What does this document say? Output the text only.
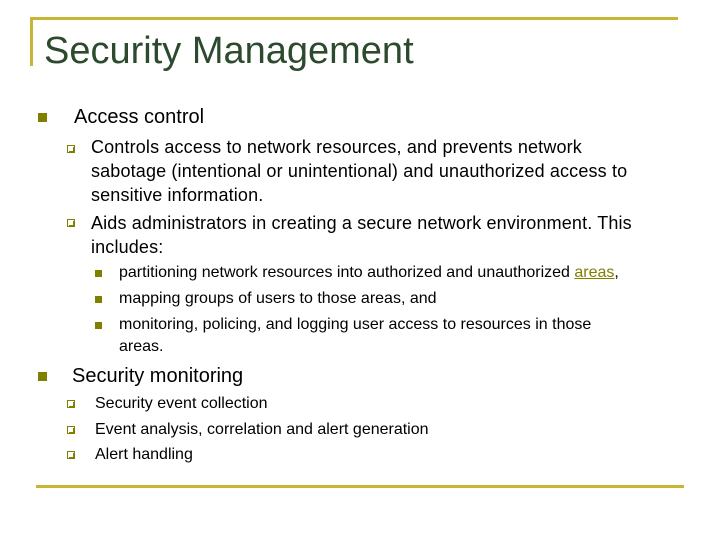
Security Management
Access control
Controls access to network resources, and prevents network
sabotage (intentional or unintentional) and unauthorized access to
sensitive information.
Aids administrators in creating a secure network environment. This
includes:
partitioning network resources into authorized and unauthorized areas,
mapping groups of users to those areas, and
monitoring, policing, and logging user access to resources in those
areas.
Security monitoring
Security event collection
Event analysis, correlation and alert generation
Alert handling
